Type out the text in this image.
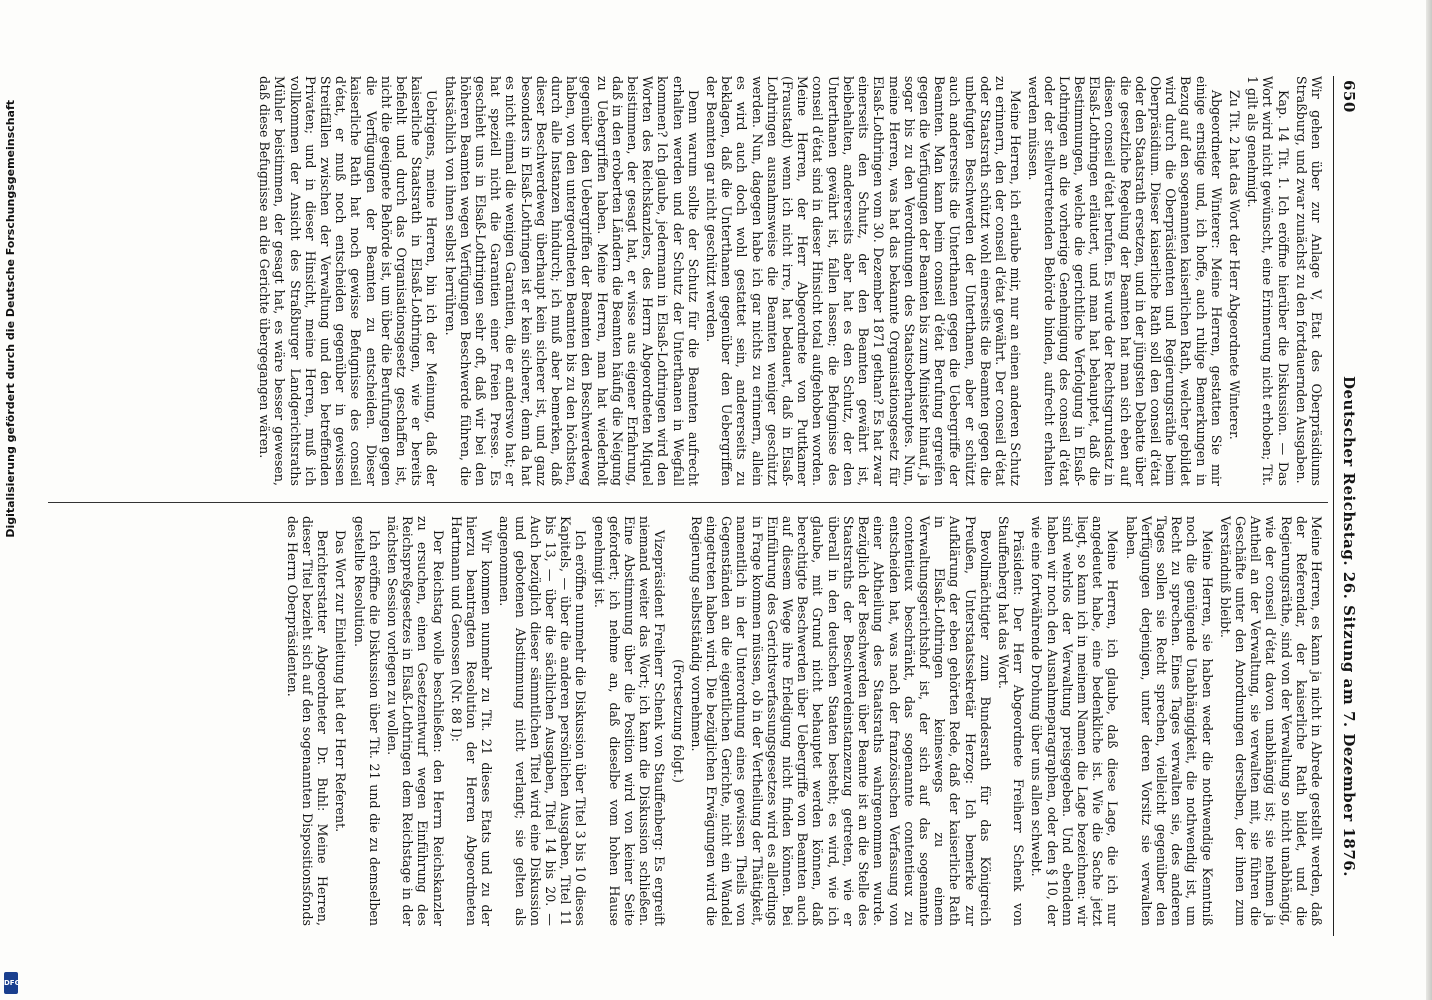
650
Deutscher Reichstag. 26. Sitzung am 7. Dezember 1876.

Wir gehen über zur Anlage V, Etat des Oberpräsidiums Straßburg, und zwar zunächst zu den fortdauernden Ausgaben.

Kap. 14 Tit. 1. Ich eröffne hierüber die Diskussion. — Das Wort wird nicht gewünscht, eine Erinnerung nicht erhoben; Tit. 1 gilt als genehmigt.

Zu Tit. 2 hat das Wort der Herr Abgeordnete Winterer.

Abgeordneter Winterer: Meine Herren, gestatten Sie mir einige ernstige und, ich hoffe, auch ruhige Bemerkungen in Bezug auf den sogenannten kaiserlichen Rath, welcher gebildet wird durch die Oberpräsidenten und Regierungsräthe beim Oberpräsidium. Dieser kaiserliche Rath soll den conseil d'état oder den Staatsrath ersetzen, und in der jüngsten Debatte über die gesetzliche Regelung der Beamten hat man sich eben auf diesen conseil d'état berufen. Es wurde der Rechtsgrundsatz in Elsaß-Lothringen erläutert, und man hat behauptet, daß die Bestimmungen, welche die gerichtliche Verfolgung in Elsaß-Lothringen an die vorherige Genehmigung des conseil d'état oder der stellvertretenden Behörde binden, aufrecht erhalten werden müssen.

Meine Herren, ich erlaube mir, nur an einen anderen Schutz zu erinnern, den der conseil d'état gewährt. Der conseil d'état oder Staatsrath schützt wohl einerseits die Beamten gegen die unbefugten Beschwerden der Unterthanen, aber er schützt auch andererseits die Unterthanen gegen die Uebergriffe der Beamten. Man kann beim conseil d'état Berufung ergreifen gegen die Verfügungen der Beamten bis zum Minister hinauf, ja sogar bis zu den Verordnungen des Staatsoberhauptes. Nun, meine Herren, was hat das bekannte Organisationsgesetz für Elsaß-Lothringen vom 30. Dezember 1871 gethan? Es hat zwar einerseits den Schutz, der den Beamten gewährt ist, beibehalten, andererseits aber hat es den Schutz, der den Unterthanen gewährt ist, fallen lassen; die Befugnisse des conseil d'état sind in dieser Hinsicht total aufgehoben worden. Meine Herren, der Herr Abgeordnete von Puttkamer (Fraustadt) wenn ich nicht irre, hat bedauert, daß in Elsaß-Lothringen ausnahmsweise die Beamten weniger geschützt werden. Nun, dagegen habe ich gar nichts zu erinnern, allein es wird auch doch wohl gestattet sein, andererseits zu beklagen, daß die Unterthanen gegenüber den Uebergriffen der Beamten gar nicht geschützt werden.

Denn warum sollte der Schutz für die Beamten aufrecht erhalten werden und der Schutz der Unterthanen in Wegfall kommen? Ich glaube, jedermann in Elsaß-Lothringen wird den Worten des Reichskanzlers, des Herrn Abgeordneten Miquel beistimmen, der gesagt hat, er wisse aus eigener Erfahrung, daß in den eroberten Ländern die Beamten häufig die Neigung zu Uebergriffen haben. Meine Herren, man hat wiederholt gegenüber den Uebergriffen der Beamten den Beschwerdeweg haben, von den untergeordneten Beamten bis zu den höchsten, durch alle Instanzen hindurch; ich muß aber bemerken, daß dieser Beschwerdeweg überhaupt kein sicherer ist, und ganz besonders in Elsaß-Lothringen ist er kein sicherer, denn da hat es nicht einmal die wenigen Garantien, die er anderswo hat; er hat speziell nicht die Garantien einer freien Presse. Es geschieht uns in Elsaß-Lothringen sehr oft, daß wir bei den höheren Beamten wegen Verfügungen Beschwerde führen, die thatsächlich von ihnen selbst herrühren.

Uebrigens, meine Herren, bin ich der Meinung, daß der kaiserliche Staatsrath in Elsaß-Lothringen, wie er bereits befiehlt und durch das Organisationsgesetz geschaffen ist, nicht die geeignete Behörde ist, um über die Berufungen gegen die Verfügungen der Beamten zu entscheiden. Dieser kaiserliche Rath hat noch gewisse Befugnisse des conseil d'état, er muß noch entscheiden gegenüber in gewissen Streitfällen zwischen der Verwaltung und den betreffenden Privaten; und in dieser Hinsicht, meine Herren, muß ich vollkommen der Ansicht des Straßburger Landgerichtsraths Mühler beistimmen, der gesagt hat, es wäre besser gewesen, daß diese Befugnisse an die Gerichte übergegangen wären.

Meine Herren, es kann ja nicht in Abrede gestellt werden, daß der Referendar, der kaiserliche Rath bildet, und die Regierungsräthe, sind von der Verwaltung so nicht unabhängig, wie der conseil d'état davon unabhängig ist; sie nehmen ja Antheil an der Verwaltung, sie verwalten mit, sie führen die Geschäfte unter den Anordnungen derselben, der ihnen zum Verständniß bleibt.

Meine Herren, sie haben weder die nothwendige Kenntniß noch die genügende Unabhängigkeit, die nothwendig ist, um Recht zu sprechen. Eines Tages verwalten sie, des anderen Tages sollen sie Recht sprechen, vielleicht gegenüber den Verfügungen derjenigen, unter deren Vorsitz sie verwalten haben.

Meine Herren, ich glaube, daß diese Lage, die ich nur angedeutet habe, eine bedenkliche ist. Wie die Sache jetzt liegt, so kann ich in meinem Namen die Lage bezeichnen: wir sind wehrlos der Verwaltung preisgegeben. Und ebendenn haben wir noch den Ausnahmeparagraphen, oder den § 10, der wie eine fortwährende Drohung über uns allen schwebt.

Präsident: Der Herr Abgeordnete Freiherr Schenk von Stauffenberg hat das Wort.

Bevollmächtigter zum Bundesrath für das Königreich Preußen, Unterstaatssekretär Herzog: Ich bemerke zur Aufklärung der eben gehörten Rede, daß der kaiserliche Rath in Elsaß-Lothringen keineswegs zu einem Verwaltungsgerichtshof ist, der sich auf das sogenannte contentieux beschränkt, das sogenannte contentieux zu entscheiden hat, was nach der französischen Verfassung von einer Abtheilung des Staatsraths wahrgenommen wurde. Bezüglich der Beschwerden über Beamte ist an die Stelle des Staatsraths der Beschwerdeinstanzenzug getreten, wie er überall in den deutschen Staaten besteht; es wird, wie ich glaube, mit Grund nicht behauptet werden können, daß berechtigte Beschwerden über Uebergriffe von Beamten auch auf diesem Wege ihre Erledigung nicht finden können. Bei Einführung des Gerichtsverfassungsgesetzes wird es allerdings in Frage kommen müssen, ob in der Vertheilung der Thätigkeit, namentlich in der Unterordnung eines gewissen Theils von Gegenständen an die eigentlichen Gerichte, nicht ein Wandel eingetreten haben wird. Die bezüglichen Erwägungen wird die Regierung selbstständig vornehmen.

(Fortsetzung folgt.)

Vizepräsident Freiherr Schenk von Stauffenberg: Es ergreift niemand weiter das Wort; ich kann die Diskussion schließen. Eine Abstimmung über die Position wird von keiner Seite gefordert; ich nehme an, daß dieselbe vom hohen Hause genehmigt ist.

Ich eröffne nunmehr die Diskussion über Titel 3 bis 10 dieses Kapitels, — über die anderen persönlichen Ausgaben, Titel 11 bis 13, — über die sächlichen Ausgaben, Titel 14 bis 20. — Auch bezüglich dieser sämmtlichen Titel wird eine Diskussion und gebotenen Abstimmung nicht verlangt; sie gelten als angenommen.

Wir kommen nunmehr zu Tit. 21 dieses Etats und zu der hierzu beantragten Resolution der Herren Abgeordneten Hartmann und Genossen (Nr. 88 I):

Der Reichstag wolle beschließen: den Herrn Reichskanzler zu ersuchen, einen Gesetzentwurf wegen Einführung des Reichspreßgesetzes in Elsaß-Lothringen dem Reichstage in der nächsten Session vorlegen zu wollen.

Ich eröffne die Diskussion über Tit. 21 und die zu demselben gestellte Resolution.

Das Wort zur Einleitung hat der Herr Referent.

Berichterstatter Abgeordneter Dr. Buhl: Meine Herren, dieser Titel bezieht sich auf den sogenannten Dispositionsfonds des Herrn Oberpräsidenten.

Digitalisierung gefördert durch die Deutsche Forschungsgemeinschaft
DFG
